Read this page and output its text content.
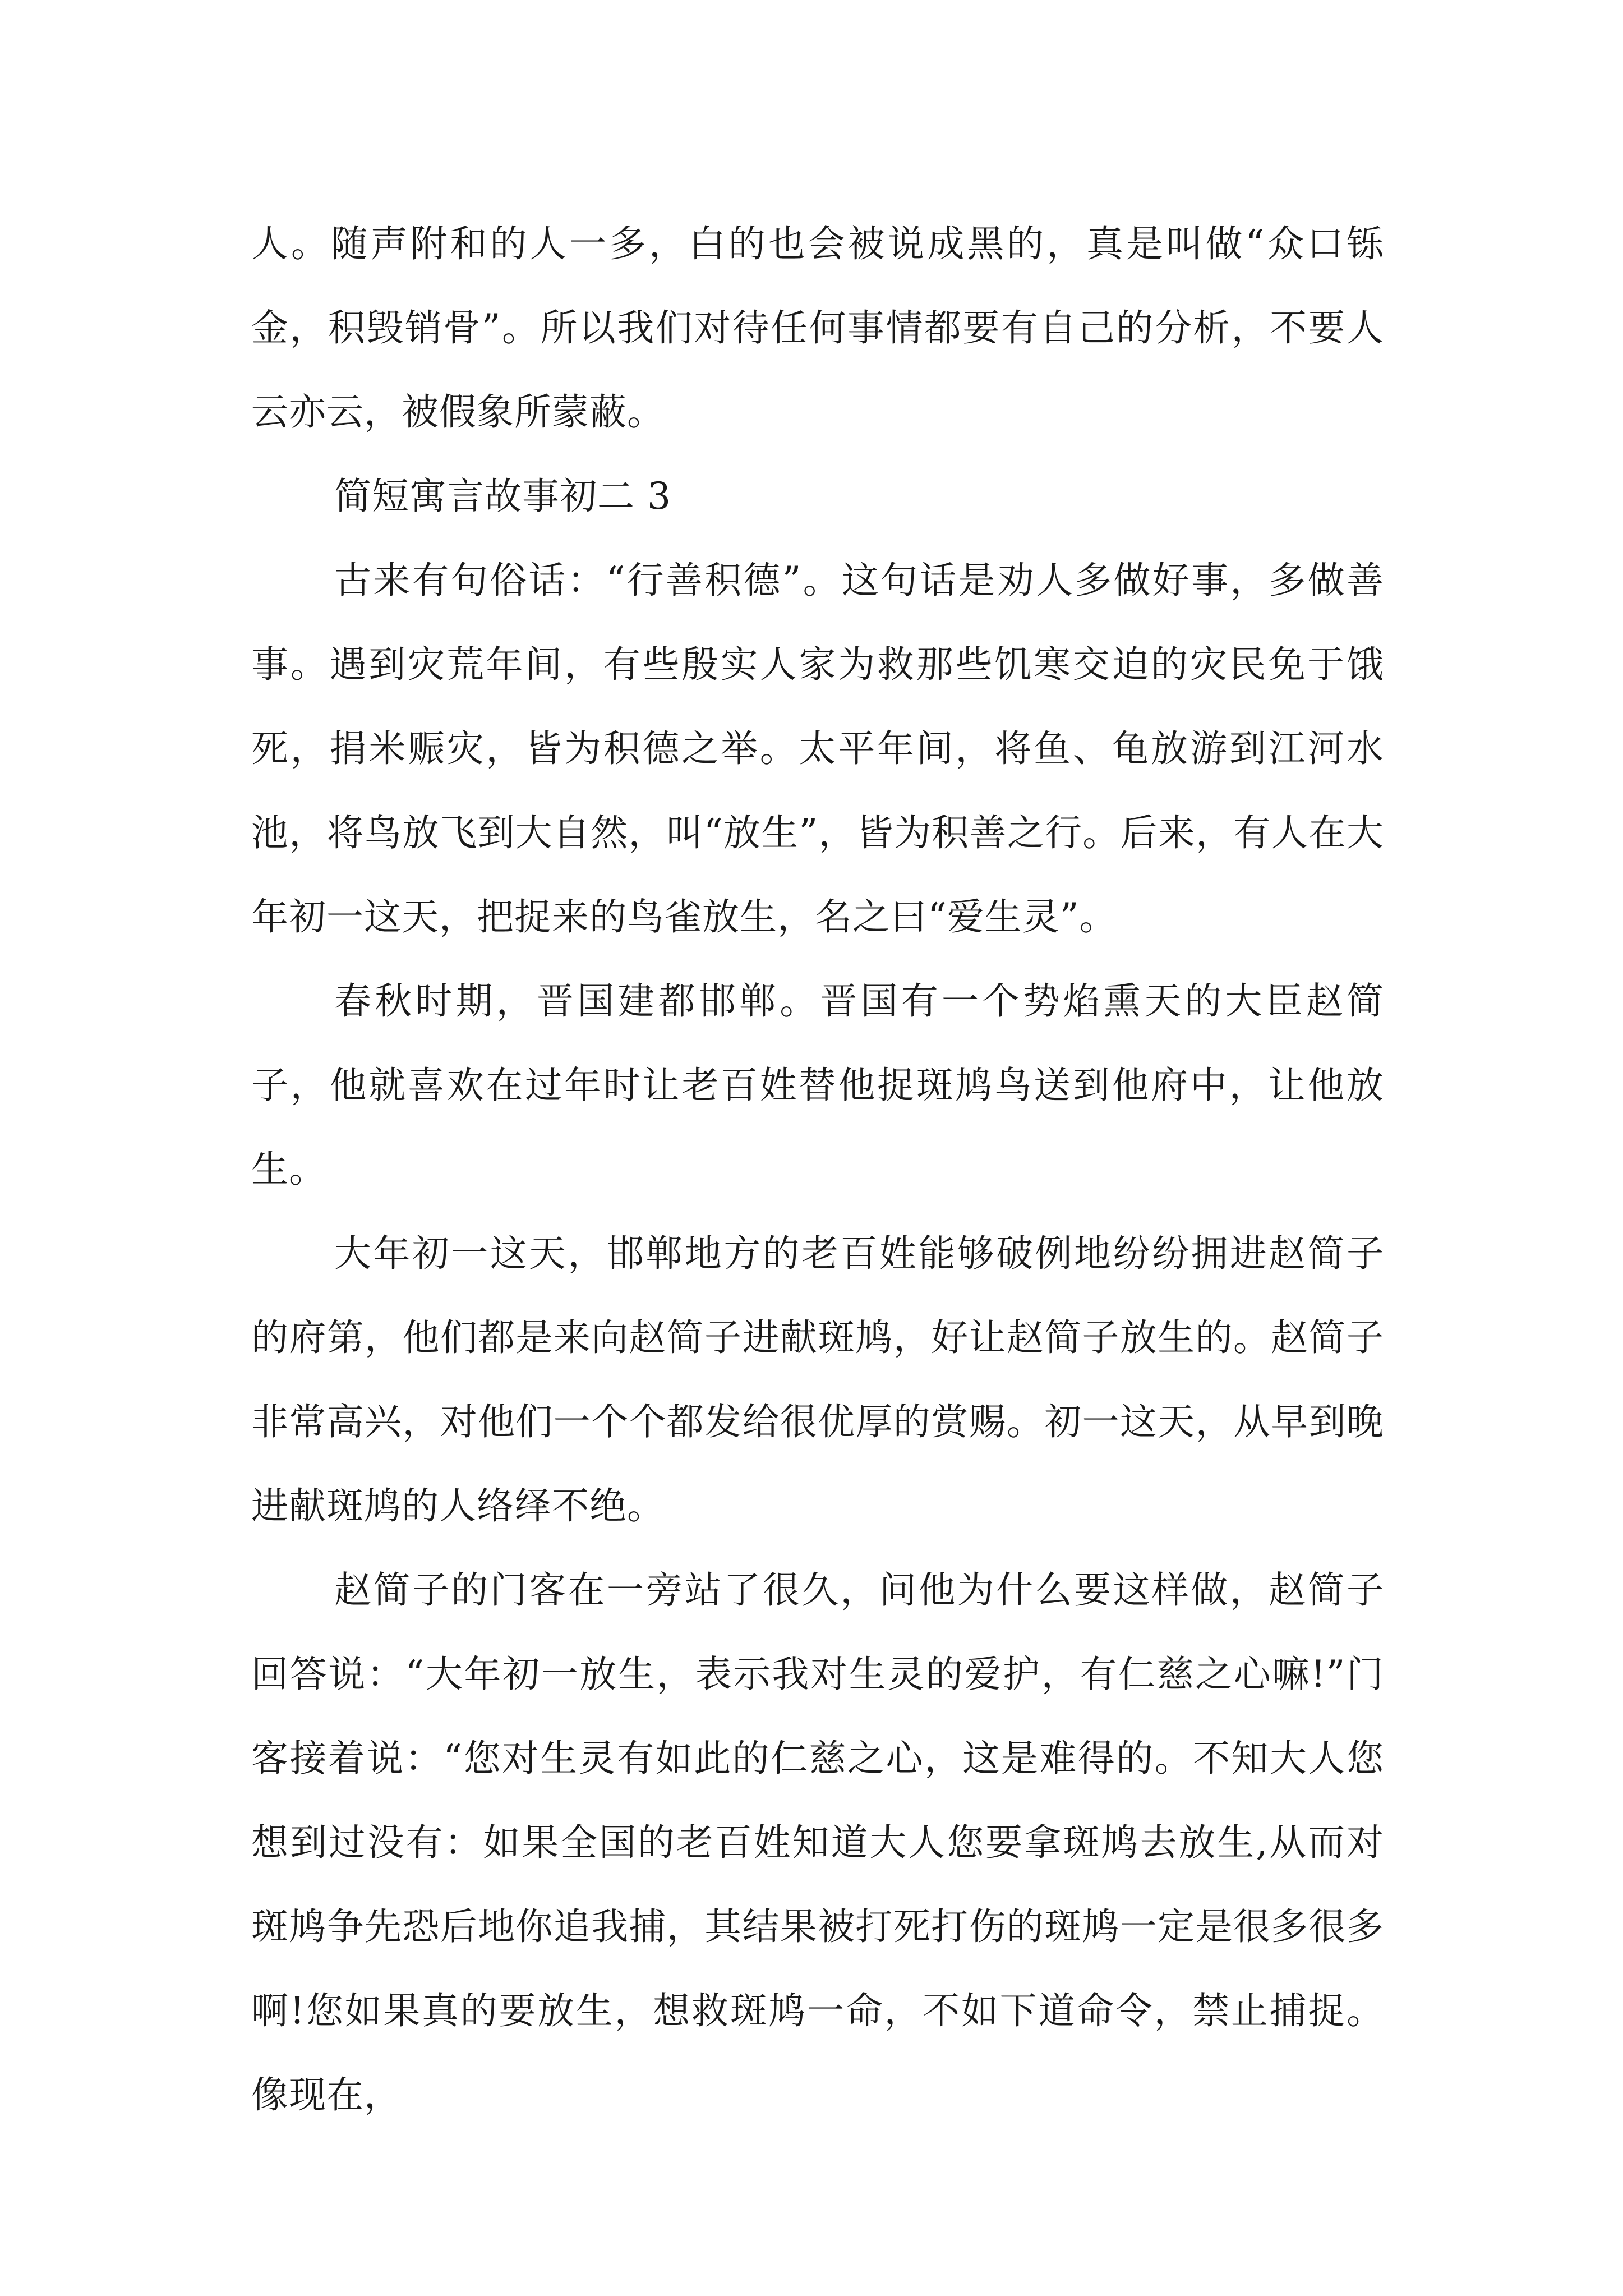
人。随声附和的人一多，白的也会被说成黑的，真是叫做“众口铄金，积毁销骨”。所以我们对待任何事情都要有自己的分析，不要人云亦云，被假象所蒙蔽。

简短寓言故事初二 3

古来有句俗话：“行善积德”。这句话是劝人多做好事，多做善事。遇到灾荒年间，有些殷实人家为救那些饥寒交迫的灾民免于饿死，捐米赈灾，皆为积德之举。太平年间，将鱼、龟放游到江河水池，将鸟放飞到大自然，叫“放生”，皆为积善之行。后来，有人在大年初一这天，把捉来的鸟雀放生，名之曰“爱生灵”。

春秋时期，晋国建都邯郸。晋国有一个势焰熏天的大臣赵简子，他就喜欢在过年时让老百姓替他捉斑鸠鸟送到他府中，让他放生。

大年初一这天，邯郸地方的老百姓能够破例地纷纷拥进赵简子的府第，他们都是来向赵简子进献斑鸠，好让赵简子放生的。赵简子非常高兴，对他们一个个都发给很优厚的赏赐。初一这天，从早到晚进献斑鸠的人络绎不绝。

赵简子的门客在一旁站了很久，问他为什么要这样做，赵简子回答说：“大年初一放生，表示我对生灵的爱护，有仁慈之心嘛!”门客接着说：“您对生灵有如此的仁慈之心，这是难得的。不知大人您想到过没有：如果全国的老百姓知道大人您要拿斑鸠去放生,从而对斑鸠争先恐后地你追我捕，其结果被打死打伤的斑鸠一定是很多很多啊!您如果真的要放生，想救斑鸠一命，不如下道命令，禁止捕捉。像现在，
